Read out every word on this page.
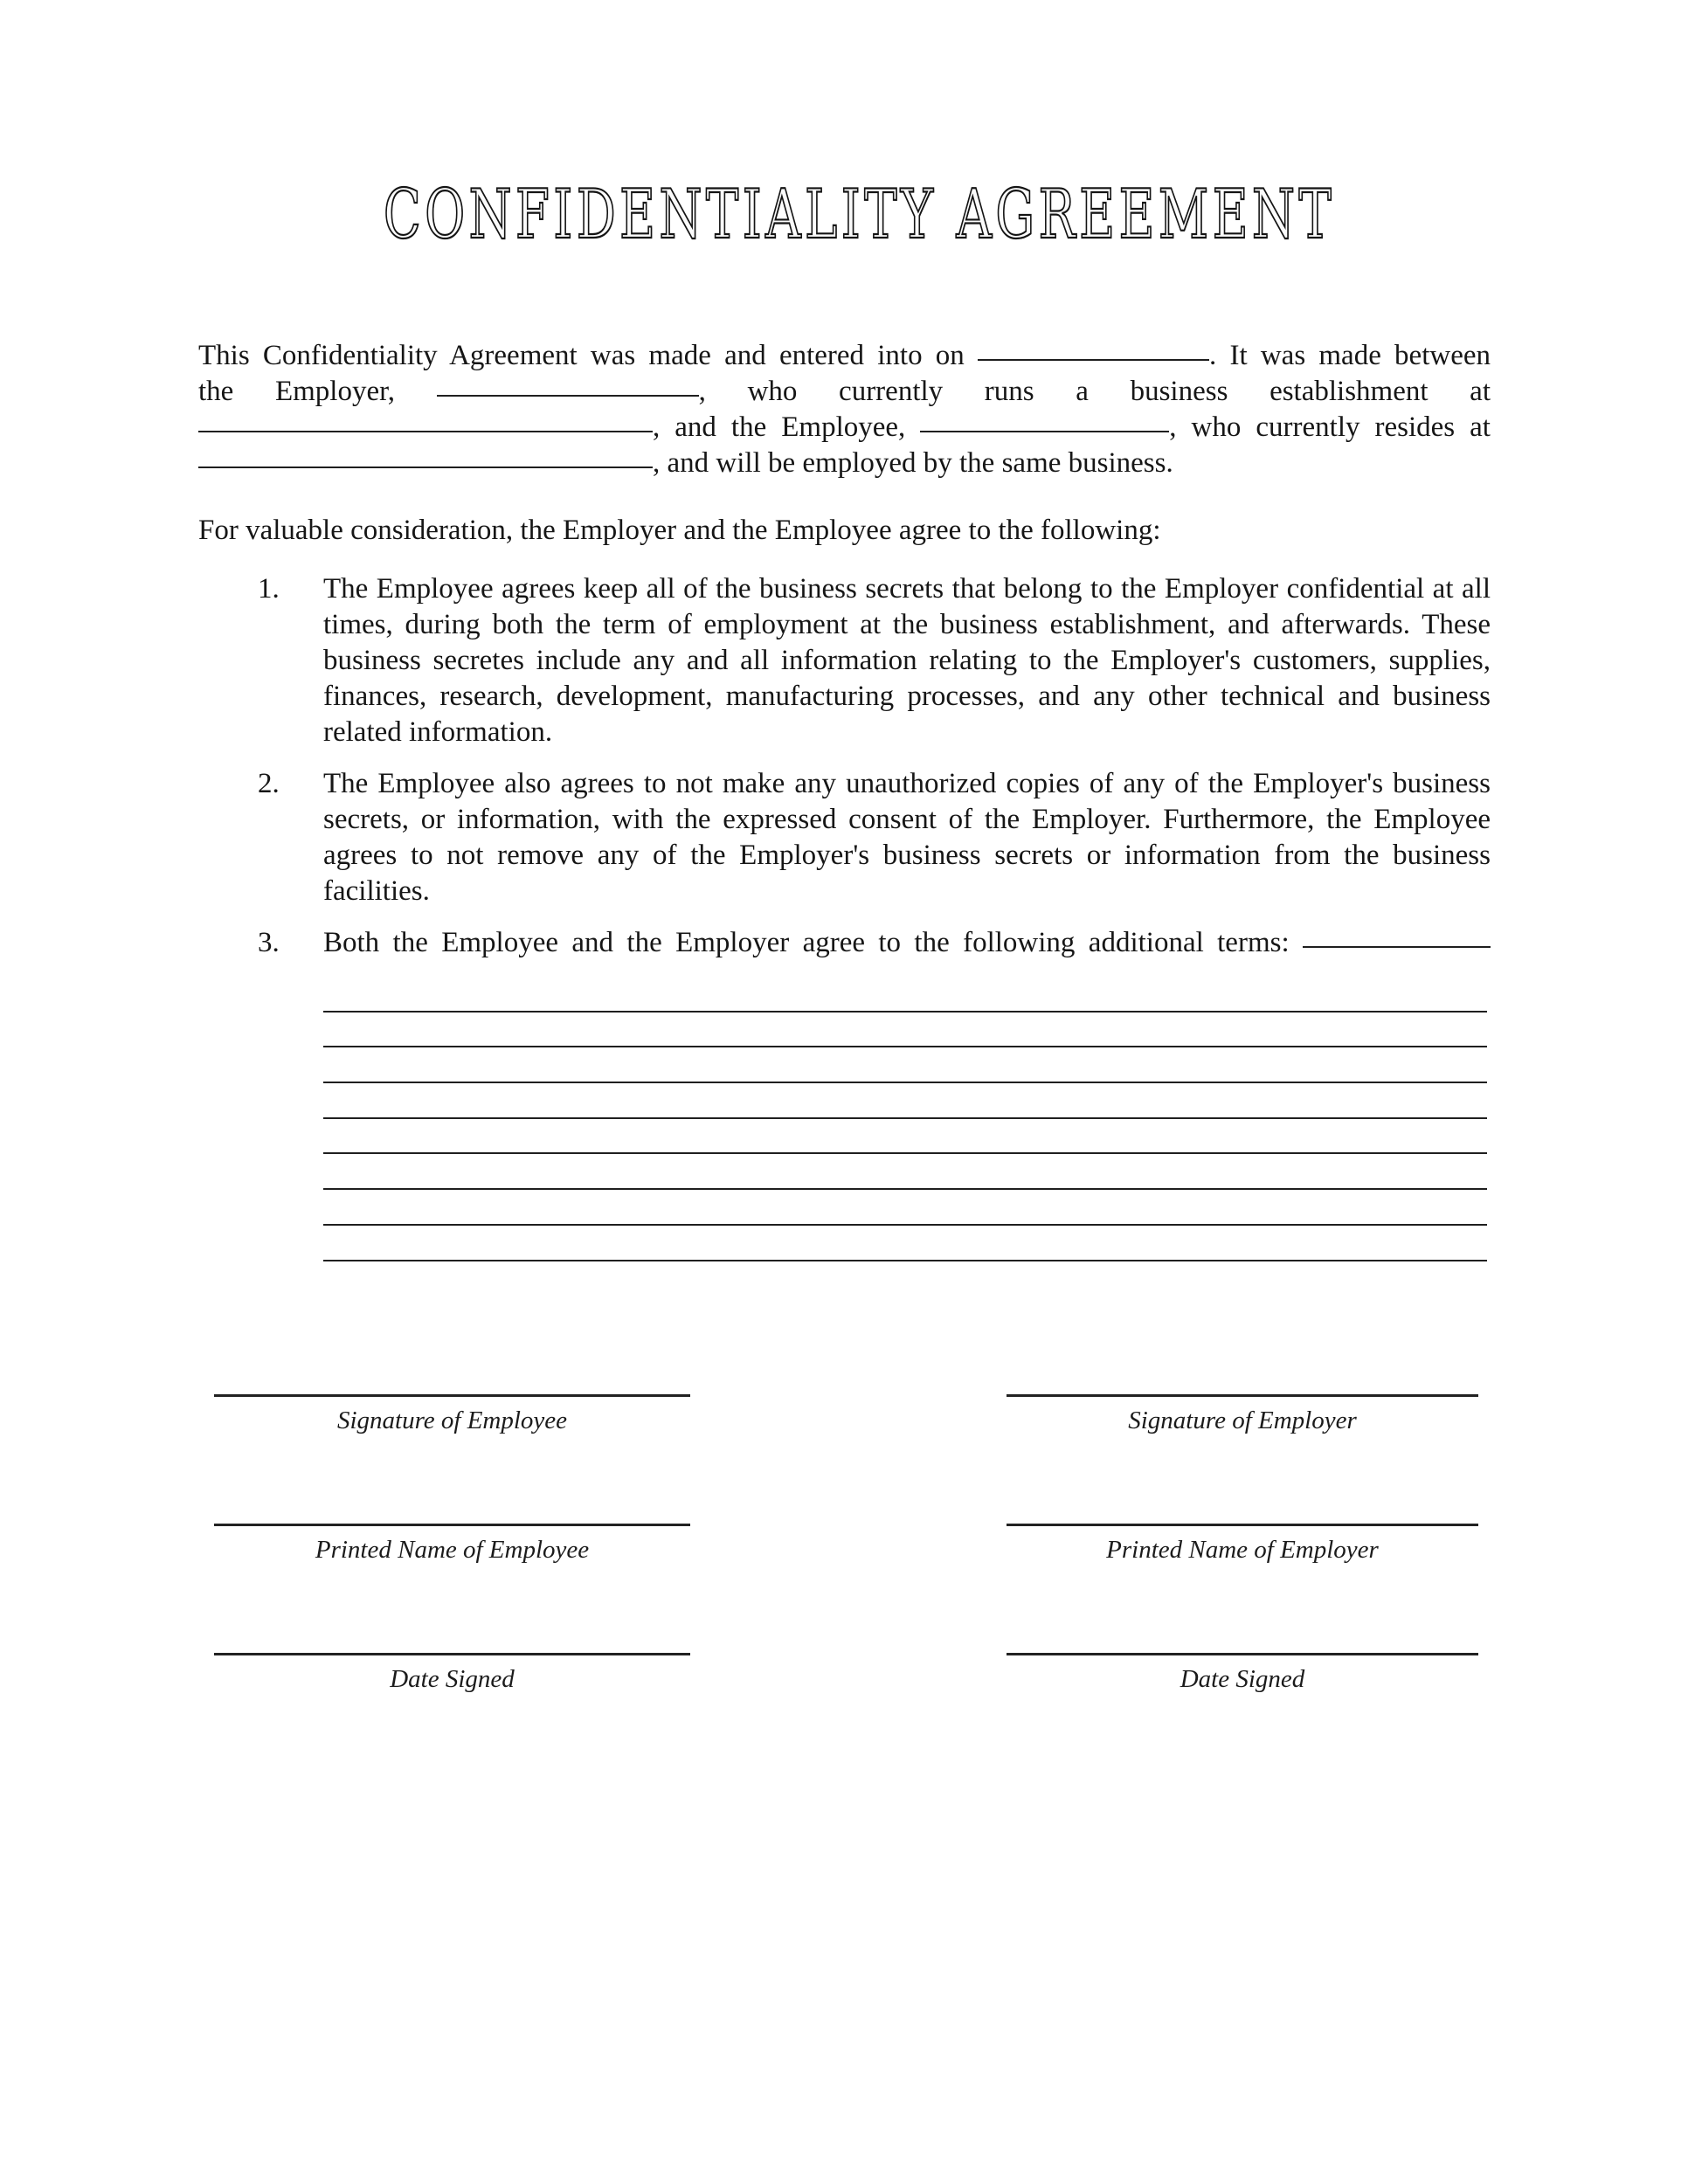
CONFIDENTIALITY AGREEMENT
This Confidentiality Agreement was made and entered into on	. It was made between
the Employer,	, who currently runs a business establishment at
, and the Employee,	, who currently resides at
, and will be employed by the same business.

For valuable consideration, the Employer and the Employee agree to the following:

1.	The Employee agrees keep all of the business secrets that belong to the Employer confidential at all times, during both the term of employment at the business establishment, and afterwards. These business secretes include any and all information relating to the Employer's customers, supplies, finances, research, development, manufacturing processes, and any other technical and business related information.
2.	The Employee also agrees to not make any unauthorized copies of any of the Employer's business secrets, or information, with the expressed consent of the Employer. Furthermore, the Employee agrees to not remove any of the Employer's business secrets or information from the business facilities.
3.	Both the Employee and the Employer agree to the following additional terms:
Signature of Employee
Printed Name of Employee
Date Signed
Signature of Employer
Printed Name of Employer
Date Signed
